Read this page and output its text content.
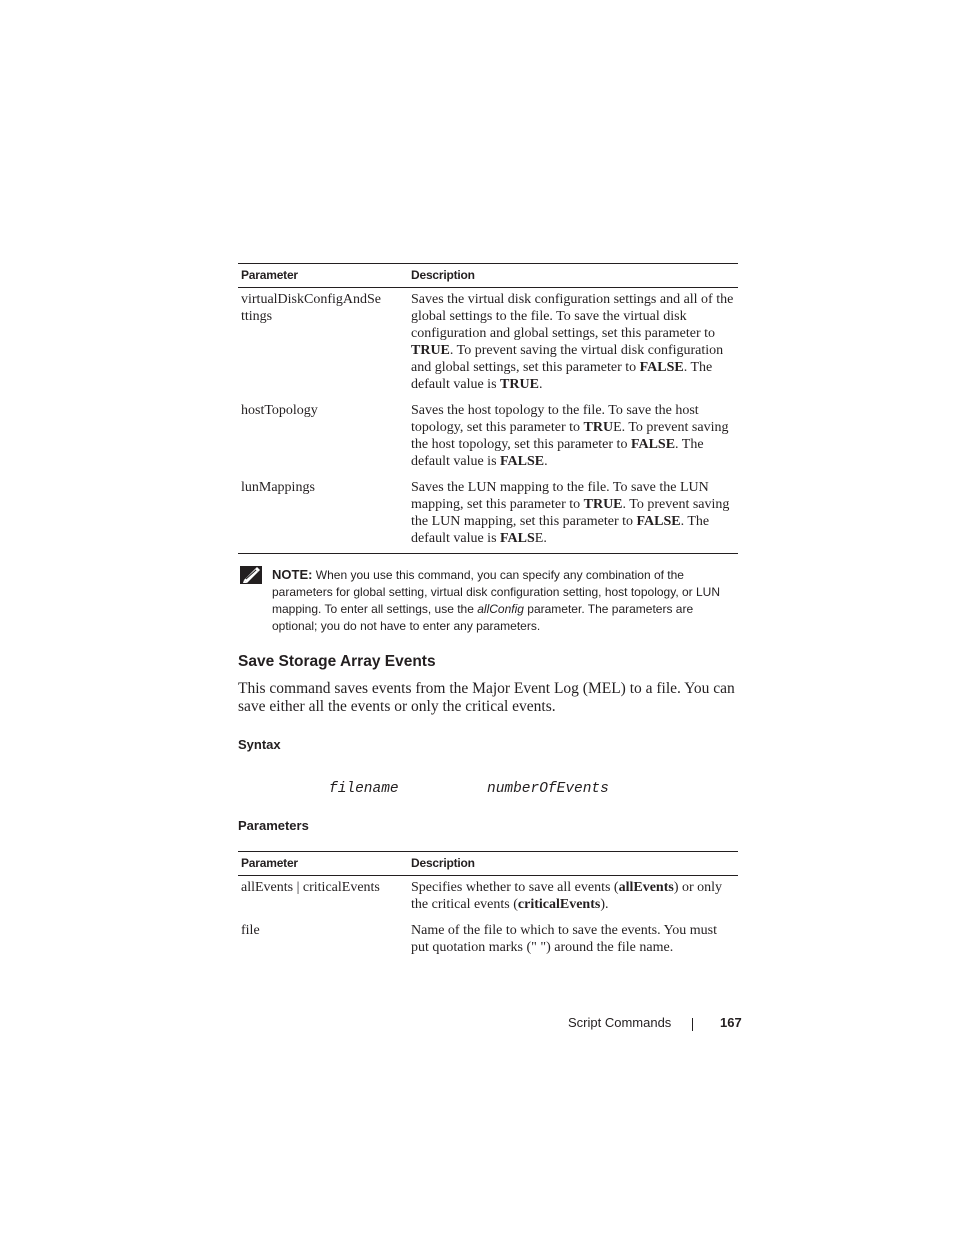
Parameter	Description
virtualDiskConfigAndSe ttings	Saves the virtual disk configuration settings and all of the global settings to the file. To save the virtual disk configuration and global settings, set this parameter to TRUE. To prevent saving the virtual disk configuration and global settings, set this parameter to FALSE. The default value is TRUE.
hostTopology	Saves the host topology to the file. To save the host topology, set this parameter to TRUE. To prevent saving the host topology, set this parameter to FALSE. The default value is FALSE.
lunMappings	Saves the LUN mapping to the file. To save the LUN mapping, set this parameter to TRUE. To prevent saving the LUN mapping, set this parameter to FALSE. The default value is FALSE.
NOTE: When you use this command, you can specify any combination of the parameters for global setting, virtual disk configuration setting, host topology, or LUN mapping. To enter all settings, use the allConfig parameter. The parameters are optional; you do not have to enter any parameters.
Save Storage Array Events
This command saves events from the Major Event Log (MEL) to a file. You can save either all the events or only the critical events.
Syntax
filename	numberOfEvents
Parameters
Parameter	Description
allEvents | criticalEvents	Specifies whether to save all events (allEvents) or only the critical events (criticalEvents).
file	Name of the file to which to save the events. You must put quotation marks (" ") around the file name.
Script Commands	167
